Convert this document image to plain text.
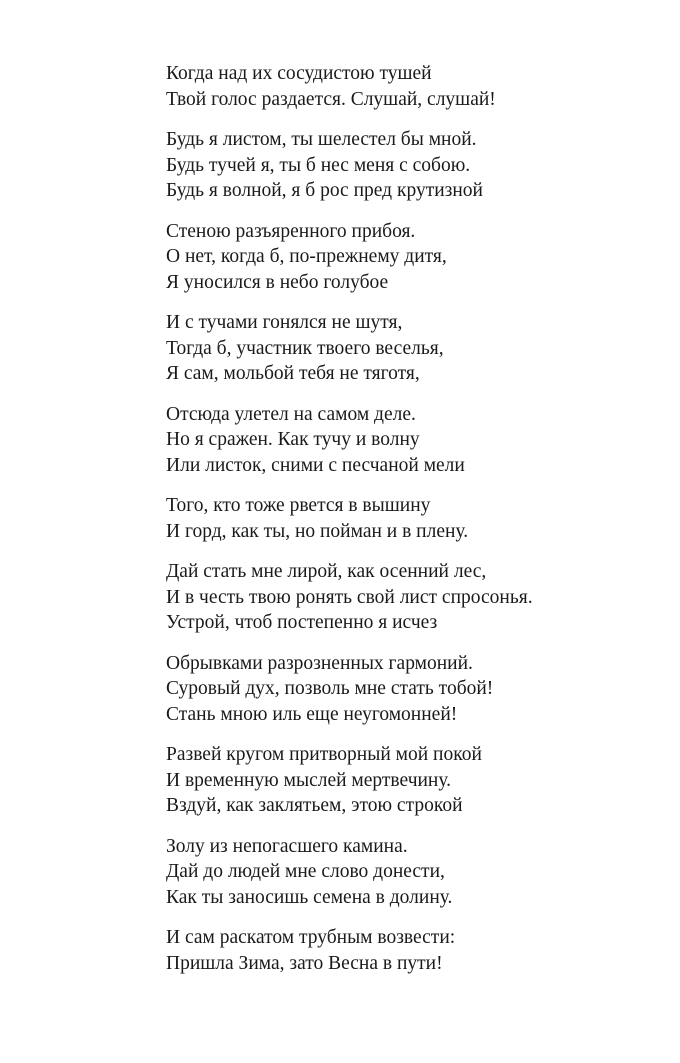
Когда над их сосудистою тушей
Твой голос раздается. Слушай, слушай!
Будь я листом, ты шелестел бы мной.
Будь тучей я, ты б нес меня с собою.
Будь я волной, я б рос пред крутизной
Стеною разъяренного прибоя.
О нет, когда б, по-прежнему дитя,
Я уносился в небо голубое
И с тучами гонялся не шутя,
Тогда б, участник твоего веселья,
Я сам, мольбой тебя не тяготя,
Отсюда улетел на самом деле.
Но я сражен. Как тучу и волну
Или листок, сними с песчаной мели
Того, кто тоже рвется в вышину
И горд, как ты, но пойман и в плену.
Дай стать мне лирой, как осенний лес,
И в честь твою ронять свой лист спросонья.
Устрой, чтоб постепенно я исчез
Обрывками разрозненных гармоний.
Суровый дух, позволь мне стать тобой!
Стань мною иль еще неугомонней!
Развей кругом притворный мой покой
И временную мыслей мертвечину.
Вздуй, как заклятьем, этою строкой
Золу из непогасшего камина.
Дай до людей мне слово донести,
Как ты заносишь семена в долину.
И сам раскатом трубным возвести:
Пришла Зима, зато Весна в пути!
